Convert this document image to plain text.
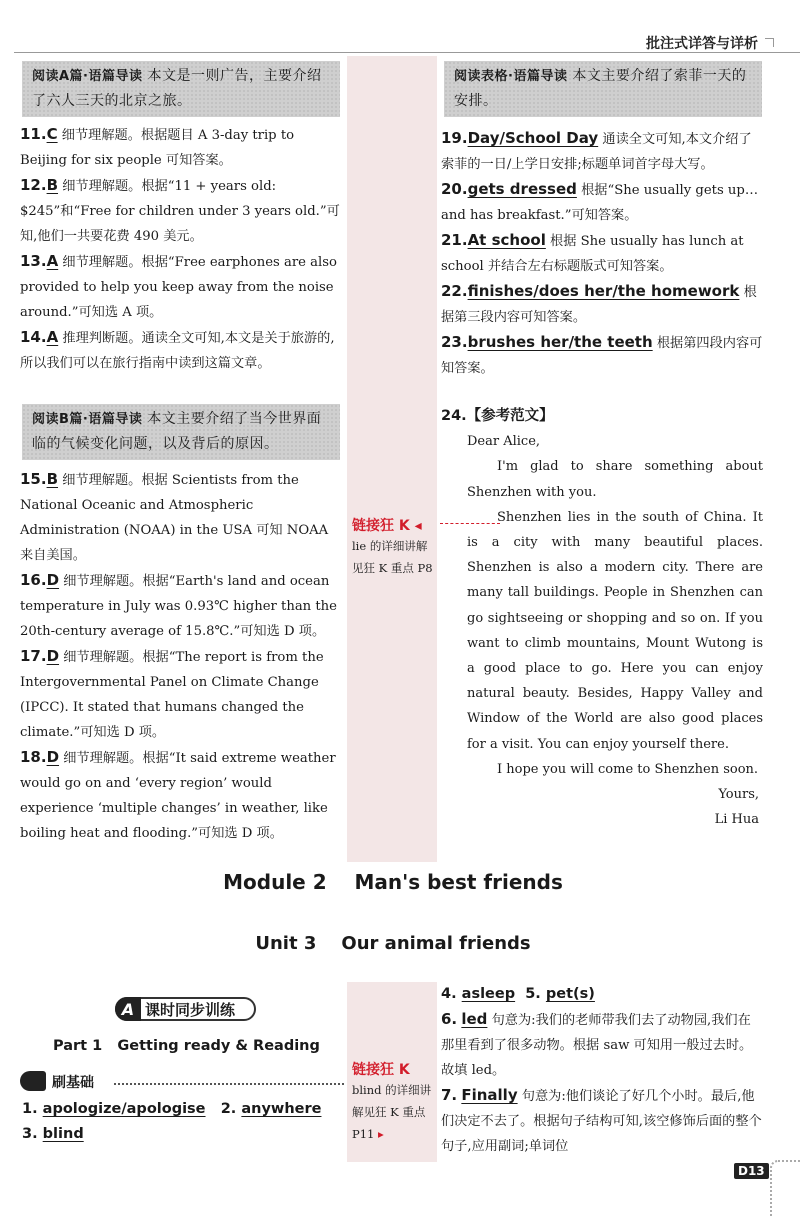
批注式详答与详析
阅读A篇·语篇导读 本文是一则广告，主要介绍了六人三天的北京之旅。
11.C 细节理解题。根据题目 A 3-day trip to Beijing for six people 可知答案。
12.B 细节理解题。根据“11 + years old: $245”和“Free for children under 3 years old.”可知,他们一共要花费 490 美元。
13.A 细节理解题。根据“Free earphones are also provided to help you keep away from the noise around.”可知选 A 项。
14.A 推理判断题。通读全文可知,本文是关于旅游的,所以我们可以在旅行指南中读到这篇文章。
阅读B篇·语篇导读 本文主要介绍了当今世界面临的气候变化问题，以及背后的原因。
15.B 细节理解题。根据 Scientists from the National Oceanic and Atmospheric Administration (NOAA) in the USA 可知 NOAA 来自美国。
16.D 细节理解题。根据“Earth's land and ocean temperature in July was 0.93℃ higher than the 20th-century average of 15.8℃.”可知选 D 项。
17.D 细节理解题。根据“The report is from the Intergovernmental Panel on Climate Change (IPCC). It stated that humans changed the climate.”可知选 D 项。
18.D 细节理解题。根据“It said extreme weather would go on and ‘every region’ would experience ‘multiple changes’ in weather, like boiling heat and flooding.”可知选 D 项。
链接狂 K ◂
lie 的详细讲解见狂 K 重点 P8
阅读表格·语篇导读 本文主要介绍了索菲一天的安排。
19.Day/School Day 通读全文可知,本文介绍了索菲的一日/上学日安排;标题单词首字母大写。
20.gets dressed 根据“She usually gets up… and has breakfast.”可知答案。
21.At school 根据 She usually has lunch at school 并结合左右标题版式可知答案。
22.finishes/does her/the homework 根据第三段内容可知答案。
23.brushes her/the teeth 根据第四段内容可知答案。
24.【参考范文】
Dear Alice,
I'm glad to share something about Shenzhen with you.
Shenzhen lies in the south of China. It is a city with many beautiful places. Shenzhen is also a modern city. There are many tall buildings. People in Shenzhen can go sightseeing or shopping and so on. If you want to climb mountains, Mount Wutong is a good place to go. Here you can enjoy natural beauty. Besides, Happy Valley and Window of the World are also good places for a visit. You can enjoy yourself there.
I hope you will come to Shenzhen soon.
Yours,
Li Hua
Module 2    Man's best friends
Unit 3    Our animal friends
A 课时同步训练
Part 1   Getting ready & Reading
刷基础
1. apologize/apologise 2. anywhere
3. blind
链接狂 K
blind 的详细讲解见狂 K 重点 P11 ▸
4. asleep 5. pet(s)
6. led 句意为:我们的老师带我们去了动物园,我们在那里看到了很多动物。根据 saw 可知用一般过去时。故填 led。
7. Finally 句意为:他们谈论了好几个小时。最后,他们决定不去了。根据句子结构可知,该空修饰后面的整个句子,应用副词;单词位
D13
